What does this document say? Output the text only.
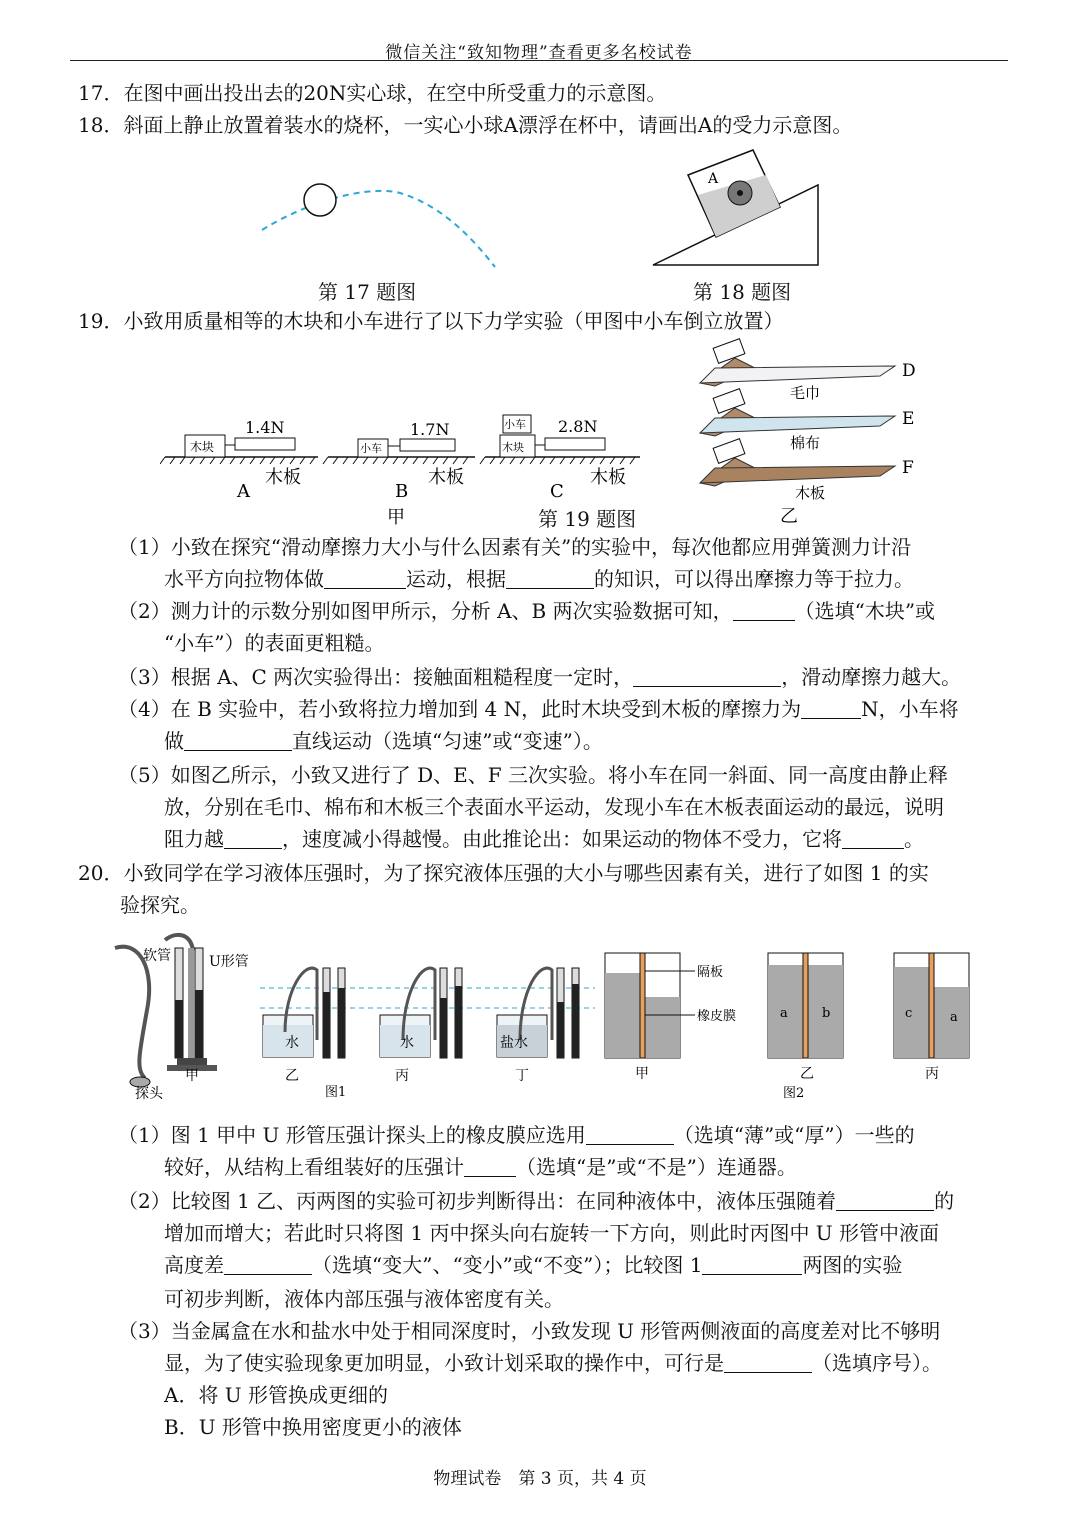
微信关注“致知物理”查看更多名校试卷
17．在图中画出投出去的20N实心球，在空中所受重力的示意图。
18．斜面上静止放置着装水的烧杯，一实心小球A漂浮在杯中，请画出A的受力示意图。
第 17 题图
A
第 18 题图
19．小致用质量相等的木块和小车进行了以下力学实验（甲图中小车倒立放置）
木块
1.4N
木板
A
小车
1.7N
木板
B
木块
小车 2.8N
木板
C
甲	第 19 题图
毛巾
D
棉布
E
木板
F
乙
（1）小致在探究“滑动摩擦力大小与什么因素有关”的实验中，每次他都应用弹簧测力计沿
水平方向拉物体做	运动，根据	的知识，可以得出摩擦力等于拉力。
（2）测力计的示数分别如图甲所示，分析 A、B 两次实验数据可知，	（选填“木块”或
“小车”）的表面更粗糙。
（3）根据 A、C 两次实验得出：接触面粗糙程度一定时，	，滑动摩擦力越大。
（4）在 B 实验中，若小致将拉力增加到 4 N，此时木块受到木板的摩擦力为	N，小车将
做	直线运动（选填“匀速”或“变速”）。
（5）如图乙所示，小致又进行了 D、E、F 三次实验。将小车在同一斜面、同一高度由静止释
放，分别在毛巾、棉布和木板三个表面水平运动，发现小车在木板表面运动的最远，说明
阻力越	，速度减小得越慢。由此推论出：如果运动的物体不受力，它将	。
20．小致同学在学习液体压强时，为了探究液体压强的大小与哪些因素有关，进行了如图 1 的实
验探究。
软管	U形管
探头
水	水	盐水
甲	乙	丙	丁
图1
隔板
橡皮膜	a	b	c	a
甲	乙	丙
图2
（1）图 1 甲中 U 形管压强计探头上的橡皮膜应选用	（选填“薄”或“厚”）一些的
较好，从结构上看组装好的压强计	（选填“是”或“不是”）连通器。
（2）比较图 1 乙、丙两图的实验可初步判断得出：在同种液体中，液体压强随着	的
增加而增大；若此时只将图 1 丙中探头向右旋转一下方向，则此时丙图中 U 形管中液面
高度差	（选填“变大”、“变小”或“不变”）；比较图 1	两图的实验
可初步判断，液体内部压强与液体密度有关。
（3）当金属盒在水和盐水中处于相同深度时，小致发现 U 形管两侧液面的高度差对比不够明
显，为了使实验现象更加明显，小致计划采取的操作中，可行是	（选填序号）。
A．将 U 形管换成更细的
B．U 形管中换用密度更小的液体
物理试卷　第 3 页，共 4 页
